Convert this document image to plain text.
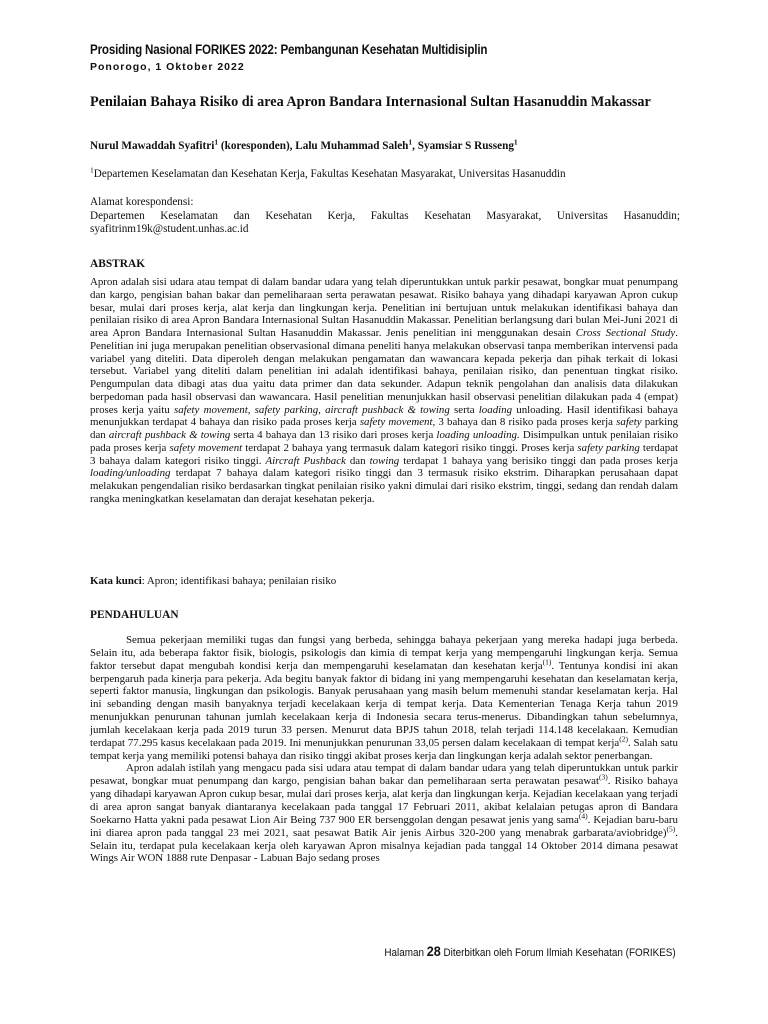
Prosiding Nasional FORIKES 2022: Pembangunan Kesehatan Multidisiplin
Ponorogo, 1 Oktober 2022
Penilaian Bahaya Risiko di area Apron Bandara Internasional Sultan Hasanuddin Makassar
Nurul Mawaddah Syafitri$^1$ (koresponden), Lalu Muhammad Saleh$^1$, Syamsiar S Russeng$^1$
$^1$Departemen Keselamatan dan Kesehatan Kerja, Fakultas Kesehatan Masyarakat, Universitas Hasanuddin
Alamat korespondensi:
Departemen Keselamatan dan Kesehatan Kerja, Fakultas Kesehatan Masyarakat, Universitas Hasanuddin;
syafitrinm19k@student.unhas.ac.id
ABSTRAK

Apron adalah sisi udara atau tempat di dalam bandar udara yang telah diperuntukkan untuk parkir pesawat, bongkar muat penumpang dan kargo, pengisian bahan bakar dan pemeliharaan serta perawatan pesawat. Risiko bahaya yang dihadapi karyawan Apron cukup besar, mulai dari proses kerja, alat kerja dan lingkungan kerja. Penelitian ini bertujuan untuk melakukan identifikasi bahaya dan penilaian risiko di area Apron Bandara Internasional Sultan Hasanuddin Makassar. Penelitian berlangsung dari bulan Mei-Juni 2021 di area Apron Bandara Internasional Sultan Hasanuddin Makassar. Jenis penelitian ini menggunakan desain Cross Sectional Study. Penelitian ini juga merupakan penelitian observasional dimana peneliti hanya melakukan observasi tanpa memberikan intervensi pada variabel yang diteliti. Data diperoleh dengan melakukan pengamatan dan wawancara kepada pekerja dan pihak terkait di lokasi tersebut. Variabel yang diteliti dalam penelitian ini adalah identifikasi bahaya, penilaian risiko, dan penentuan tingkat risiko. Pengumpulan data dibagi atas dua yaitu data primer dan data sekunder. Adapun teknik pengolahan dan analisis data dilakukan berpedoman pada hasil observasi dan wawancara. Hasil penelitian menunjukkan hasil observasi penelitian dilakukan pada 4 (empat) proses kerja yaitu safety movement, safety parking, aircraft pushback & towing serta loading unloading. Hasil identifikasi bahaya menunjukkan terdapat 4 bahaya dan risiko pada proses kerja safety movement, 3 bahaya dan 8 risiko pada proses kerja safety parking dan aircraft pushback & towing serta 4 bahaya dan 13 risiko dari proses kerja loading unloading. Disimpulkan untuk penilaian risiko pada proses kerja safety movement terdapat 2 bahaya yang termasuk dalam kategori risiko tinggi. Proses kerja safety parking terdapat 3 bahaya dalam kategori risiko tinggi. Aircraft Pushback dan towing terdapat 1 bahaya yang berisiko tinggi dan pada proses kerja loading/unloading terdapat 7 bahaya dalam kategori risiko tinggi dan 3 termasuk risiko ekstrim. Diharapkan perusahaan dapat melakukan pengendalian risiko berdasarkan tingkat penilaian risiko yakni dimulai dari risiko ekstrim, tinggi, sedang dan rendah dalam rangka meningkatkan keselamatan dan derajat kesehatan pekerja.

Kata kunci: Apron; identifikasi bahaya; penilaian risiko
PENDAHULUAN

Semua pekerjaan memiliki tugas dan fungsi yang berbeda, sehingga bahaya pekerjaan yang mereka hadapi juga berbeda. Selain itu, ada beberapa faktor fisik, biologis, psikologis dan kimia di tempat kerja yang mempengaruhi lingkungan kerja. Semua faktor tersebut dapat mengubah kondisi kerja dan mempengaruhi keselamatan dan kesehatan kerja$^{(1)}$. Tentunya kondisi ini akan berpengaruh pada kinerja para pekerja. Ada begitu banyak faktor di bidang ini yang mempengaruhi kesehatan dan keselamatan kerja, seperti faktor manusia, lingkungan dan psikologis. Banyak perusahaan yang masih belum memenuhi standar keselamatan kerja. Hal ini sebanding dengan masih banyaknya terjadi kecelakaan kerja di tempat kerja. Data Kementerian Tenaga Kerja tahun 2019 menunjukkan penurunan tahunan jumlah kecelakaan kerja di Indonesia secara terus-menerus. Dibandingkan tahun sebelumnya, jumlah kecelakaan kerja pada 2019 turun 33 persen. Menurut data BPJS tahun 2018, telah terjadi 114.148 kecelakaan. Kemudian terdapat 77.295 kasus kecelakaan pada 2019. Ini menunjukkan penurunan 33,05 persen dalam kecelakaan di tempat kerja$^{(2)}$. Salah satu tempat kerja yang memiliki potensi bahaya dan risiko tinggi akibat proses kerja dan lingkungan kerja adalah sektor penerbangan.

Apron adalah istilah yang mengacu pada sisi udara atau tempat di dalam bandar udara yang telah diperuntukkan untuk parkir pesawat, bongkar muat penumpang dan kargo, pengisian bahan bakar dan pemeliharaan serta perawatan pesawat$^{(3)}$. Risiko bahaya yang dihadapi karyawan Apron cukup besar, mulai dari proses kerja, alat kerja dan lingkungan kerja. Kejadian kecelakaan yang terjadi di area apron sangat banyak diantaranya kecelakaan pada tanggal 17 Februari 2011, akibat kelalaian petugas apron di Bandara Soekarno Hatta yakni pada pesawat Lion Air Being 737 900 ER bersenggolan dengan pesawat jenis yang sama$^{(4)}$. Kejadian baru-baru ini diarea apron pada tanggal 23 mei 2021, saat pesawat Batik Air jenis Airbus 320-200 yang menabrak garbarata/aviobridge)$^{(5)}$. Selain itu, terdapat pula kecelakaan kerja oleh karyawan Apron misalnya kejadian pada tanggal 14 Oktober 2014 dimana pesawat Wings Air WON 1888 rute Denpasar - Labuan Bajo sedang proses

Halaman 28 Diterbitkan oleh Forum Ilmiah Kesehatan (FORIKES)
